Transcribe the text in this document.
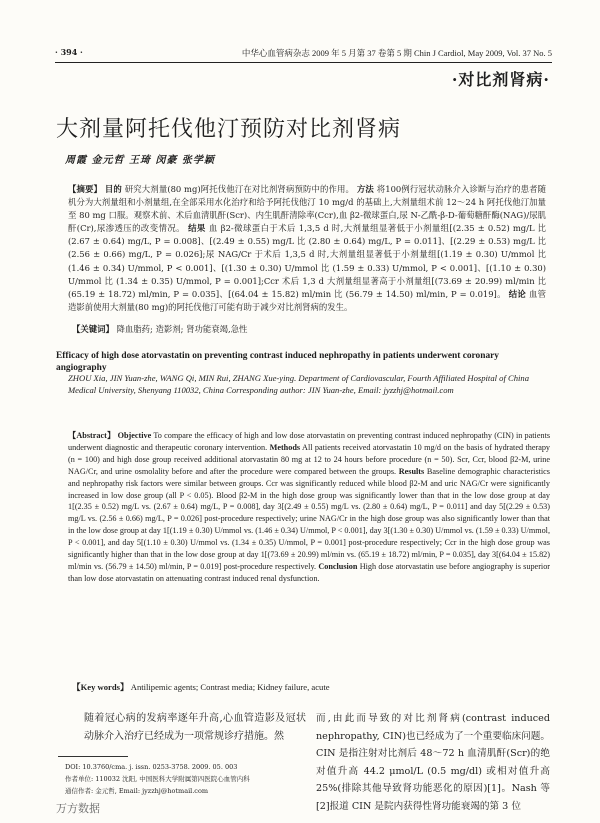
· 394 ·	中华心血管病杂志 2009 年 5 月第 37 卷第 5 期 Chin J Cardiol, May 2009, Vol. 37 No. 5
·对比剂肾病·
大剂量阿托伐他汀预防对比剂肾病
周霞 金元哲 王琦 闵豪 张学颖
【摘要】 目的 研究大剂量(80 mg)阿托伐他汀在对比剂肾病预防中的作用。 方法 将100例行冠状动脉介入诊断与治疗的患者随机分为大剂量组和小剂量组,在全部采用水化治疗和给予阿托伐他汀 10 mg/d 的基础上,大剂量组术前 12～24 h 阿托伐他汀加量至 80 mg 口服。观察术前、术后血清肌酐(Scr)、内生肌酐清除率(Ccr),血 β2-微球蛋白,尿 N-乙酰-β-D-葡萄糖酐酶(NAG)/尿肌酐(Cr),尿渗透压的改变情况。 结果 血 β2-微球蛋白于术后 1,3,5 d 时,大剂量组显著低于小剂量组[(2.35 ± 0.52) mg/L 比 (2.67 ± 0.64) mg/L, P = 0.008]、[(2.49 ± 0.55) mg/L 比 (2.80 ± 0.64) mg/L, P = 0.011]、[(2.29 ± 0.53) mg/L 比 (2.56 ± 0.66) mg/L, P = 0.026];尿 NAG/Cr 于术后 1,3,5 d 时,大剂量组显著低于小剂量组[(1.19 ± 0.30) U/mmol 比 (1.46 ± 0.34) U/mmol, P < 0.001]、[(1.30 ± 0.30) U/mmol 比 (1.59 ± 0.33) U/mmol, P < 0.001]、[(1.10 ± 0.30) U/mmol 比 (1.34 ± 0.35) U/mmol, P = 0.001];Ccr 术后 1,3 d 大剂量组显著高于小剂量组[(73.69 ± 20.99) ml/min 比 (65.19 ± 18.72) ml/min, P = 0.035]、[(64.04 ± 15.82) ml/min 比 (56.79 ± 14.50) ml/min, P = 0.019]。 结论 血管造影前使用大剂量(80 mg)的阿托伐他汀可能有助于减少对比剂肾病的发生。
【关键词】 降血脂药; 造影剂; 肾功能衰竭,急性
Efficacy of high dose atorvastatin on preventing contrast induced nephropathy in patients underwent coronary angiography
ZHOU Xia, JIN Yuan-zhe, WANG Qi, MIN Rui, ZHANG Xue-ying. Department of Cardiovascular, Fourth Affiliated Hospital of China Medical University, Shenyang 110032, China Corresponding author: JIN Yuan-zhe, Email: jyzzhj@hotmail.com
【Abstract】 Objective To compare the efficacy of high and low dose atorvastatin on preventing contrast induced nephropathy (CIN) in patients underwent diagnostic and therapeutic coronary intervention. Methods All patients received atorvastatin 10 mg/d on the basis of hydrated therapy (n = 100) and high dose group received additional atorvastatin 80 mg at 12 to 24 hours before procedure (n = 50). Scr, Ccr, blood β2-M, urine NAG/Cr, and urine osmolality before and after the procedure were compared between the groups. Results Baseline demographic characteristics and nephropathy risk factors were similar between groups. Ccr was significantly reduced while blood β2-M and uric NAG/Cr were significantly increased in low dose group (all P < 0.05). Blood β2-M in the high dose group was significantly lower than that in the low dose group at day 1[(2.35 ± 0.52) mg/L vs. (2.67 ± 0.64) mg/L, P = 0.008], day 3[(2.49 ± 0.55) mg/L vs. (2.80 ± 0.64) mg/L, P = 0.011] and day 5[(2.29 ± 0.53) mg/L vs. (2.56 ± 0.66) mg/L, P = 0.026] post-procedure respectively; urine NAG/Cr in the high dose group was also significantly lower than that in the low dose group at day 1[(1.19 ± 0.30) U/mmol vs. (1.46 ± 0.34) U/mmol, P < 0.001], day 3[(1.30 ± 0.30) U/mmol vs. (1.59 ± 0.33) U/mmol, P < 0.001], and day 5[(1.10 ± 0.30) U/mmol vs. (1.34 ± 0.35) U/mmol, P = 0.001] post-procedure respectively; Ccr in the high dose group was significantly higher than that in the low dose group at day 1[(73.69 ± 20.99) ml/min vs. (65.19 ± 18.72) ml/min, P = 0.035], day 3[(64.04 ± 15.82) ml/min vs. (56.79 ± 14.50) ml/min, P = 0.019] post-procedure respectively. Conclusion High dose atorvastatin use before angiography is superior than low dose atorvastatin on attenuating contrast induced renal dysfunction.
【Key words】 Antilipemic agents; Contrast media; Kidney failure, acute
随着冠心病的发病率逐年升高,心血管造影及冠状动脉介入治疗已经成为一项常规诊疗措施。然
而,由此而导致的对比剂肾病(contrast induced nephropathy, CIN)也已经成为了一个重要临床问题。CIN 是指注射对比剂后 48～72 h 血清肌酐(Scr)的绝对值升高 44.2 μmol/L (0.5 mg/dl) 或相对值升高 25%(排除其他导致肾功能恶化的原因)[1]。Nash 等[2]报道 CIN 是院内获得性肾功能衰竭的第 3 位
DOI: 10.3760/cma. j. issn. 0253-3758. 2009. 05. 003
作者单位: 110032 沈阳, 中国医科大学附属第四医院心血管内科
通信作者: 金元哲, Email: jyzzhj@hotmail.com
万方数据
